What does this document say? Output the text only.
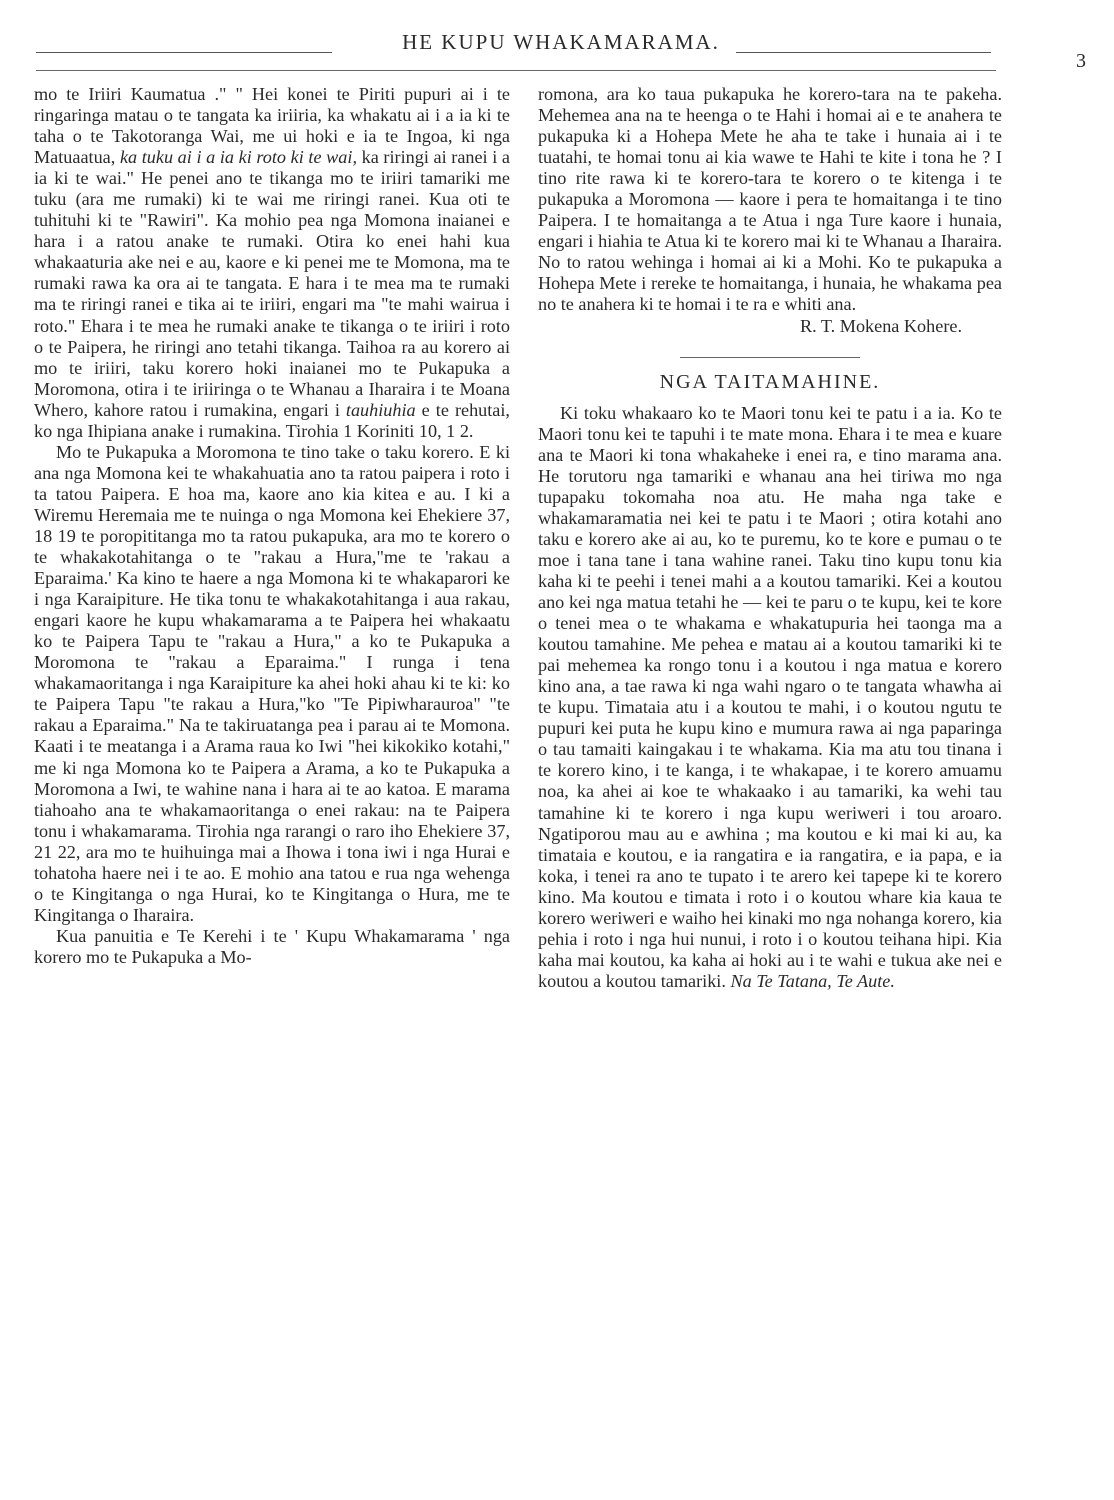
HE KUPU WHAKAMARAMA.
3

mo te Iriiri Kaumatua ." " Hei konei te Piriti pupuri ai i te ringaringa matau o te tangata ka iriiria, ka whakatu ai i a ia ki te taha o te Takotoranga Wai, me ui hoki e ia te Ingoa, ki nga Matuaatua, ka tuku ai i a ia ki roto ki te wai, ka riringi ai ranei i a ia ki te wai." He penei ano te tikanga mo te iriiri tamariki me tuku (ara me rumaki) ki te wai me riringi ranei. Kua oti te tuhituhi ki te "Rawiri". Ka mohio pea nga Momona inaianei e hara i a ratou anake te rumaki. Otira ko enei hahi kua whakaaturia ake nei e au, kaore e ki penei me te Momona, ma te rumaki rawa ka ora ai te tangata. E hara i te mea ma te rumaki ma te riringi ranei e tika ai te iriiri, engari ma "te mahi wairua i roto." Ehara i te mea he rumaki anake te tikanga o te iriiri i roto o te Paipera, he riringi ano tetahi tikanga. Taihoa ra au korero ai mo te iriiri, taku korero hoki inaianei mo te Pukapuka a Moromona, otira i te iriiringa o te Whanau a Iharaira i te Moana Whero, kahore ratou i rumakina, engari i tauhiuhia e te rehutai, ko nga Ihipiana anake i rumakina. Tirohia 1 Koriniti 10, 1 2.

Mo te Pukapuka a Moromona te tino take o taku korero. E ki ana nga Momona kei te whakahuatia ano ta ratou paipera i roto i ta tatou Paipera. E hoa ma, kaore ano kia kitea e au. I ki a Wiremu Heremaia me te nuinga o nga Momona kei Ehekiere 37, 18 19 te poropititanga mo ta ratou pukapuka, ara mo te korero o te whakakotahitanga o te "rakau a Hura,"me te 'rakau a Eparaima.' Ka kino te haere a nga Momona ki te whakaparori ke i nga Karaipiture. He tika tonu te whakakotahitanga i aua rakau, engari kaore he kupu whakamarama a te Paipera hei whakaatu ko te Paipera Tapu te "rakau a Hura," a ko te Pukapuka a Moromona te "rakau a Eparaima." I runga i tena whakamaoritanga i nga Karaipiture ka ahei hoki ahau ki te ki: ko te Paipera Tapu "te rakau a Hura,"ko "Te Pipiwharauroa" "te rakau a Eparaima." Na te takiruatanga pea i parau ai te Momona. Kaati i te meatanga i a Arama raua ko Iwi "hei kikokiko kotahi," me ki nga Momona ko te Paipera a Arama, a ko te Pukapuka a Moromona a Iwi, te wahine nana i hara ai te ao katoa. E marama tiahoaho ana te whakamaoritanga o enei rakau: na te Paipera tonu i whakamarama. Tirohia nga rarangi o raro iho Ehekiere 37, 21 22, ara mo te huihuinga mai a Ihowa i tona iwi i nga Hurai e tohatoha haere nei i te ao. E mohio ana tatou e rua nga wehenga o te Kingitanga o nga Hurai, ko te Kingitanga o Hura, me te Kingitanga o Iharaira.

Kua panuitia e Te Kerehi i te ' Kupu Whakamarama ' nga korero mo te Pukapuka a Mo-

romona, ara ko taua pukapuka he korero-tara na te pakeha. Mehemea ana na te heenga o te Hahi i homai ai e te anahera te pukapuka ki a Hohepa Mete he aha te take i hunaia ai i te tuatahi, te homai tonu ai kia wawe te Hahi te kite i tona he ? I tino rite rawa ki te korero-tara te korero o te kitenga i te pukapuka a Moromona — kaore i pera te homaitanga i te tino Paipera. I te homaitanga a te Atua i nga Ture kaore i hunaia, engari i hiahia te Atua ki te korero mai ki te Whanau a Iharaira. No to ratou wehinga i homai ai ki a Mohi. Ko te pukapuka a Hohepa Mete i rereke te homaitanga, i hunaia, he whakama pea no te anahera ki te homai i te ra e whiti ana.

R. T. Mokena Kohere.

NGA TAITAMAHINE.

Ki toku whakaaro ko te Maori tonu kei te patu i a ia. Ko te Maori tonu kei te tapuhi i te mate mona. Ehara i te mea e kuare ana te Maori ki tona whakaheke i enei ra, e tino marama ana. He torutoru nga tamariki e whanau ana hei tiriwa mo nga tupapaku tokomaha noa atu. He maha nga take e whakamaramatia nei kei te patu i te Maori ; otira kotahi ano taku e korero ake ai au, ko te puremu, ko te kore e pumau o te moe i tana tane i tana wahine ranei. Taku tino kupu tonu kia kaha ki te peehi i tenei mahi a a koutou tamariki. Kei a koutou ano kei nga matua tetahi he — kei te paru o te kupu, kei te kore o tenei mea o te whakama e whakatupuria hei taonga ma a koutou tamahine. Me pehea e matau ai a koutou tamariki ki te pai mehemea ka rongo tonu i a koutou i nga matua e korero kino ana, a tae rawa ki nga wahi ngaro o te tangata whawha ai te kupu. Timataia atu i a koutou te mahi, i o koutou ngutu te pupuri kei puta he kupu kino e mumura rawa ai nga paparinga o tau tamaiti kaingakau i te whakama. Kia ma atu tou tinana i te korero kino, i te kanga, i te whakapae, i te korero amuamu noa, ka ahei ai koe te whakaako i au tamariki, ka wehi tau tamahine ki te korero i nga kupu weriweri i tou aroaro. Ngatiporou mau au e awhina ; ma koutou e ki mai ki au, ka timataia e koutou, e ia rangatira e ia rangatira, e ia papa, e ia koka, i tenei ra ano te tupato i te arero kei tapepe ki te korero kino. Ma koutou e timata i roto i o koutou whare kia kaua te korero weriweri e waiho hei kinaki mo nga nohanga korero, kia pehia i roto i nga hui nunui, i roto i o koutou teihana hipi. Kia kaha mai koutou, ka kaha ai hoki au i te wahi e tukua ake nei e koutou a koutou tamariki. Na Te Tatana, Te Aute.
